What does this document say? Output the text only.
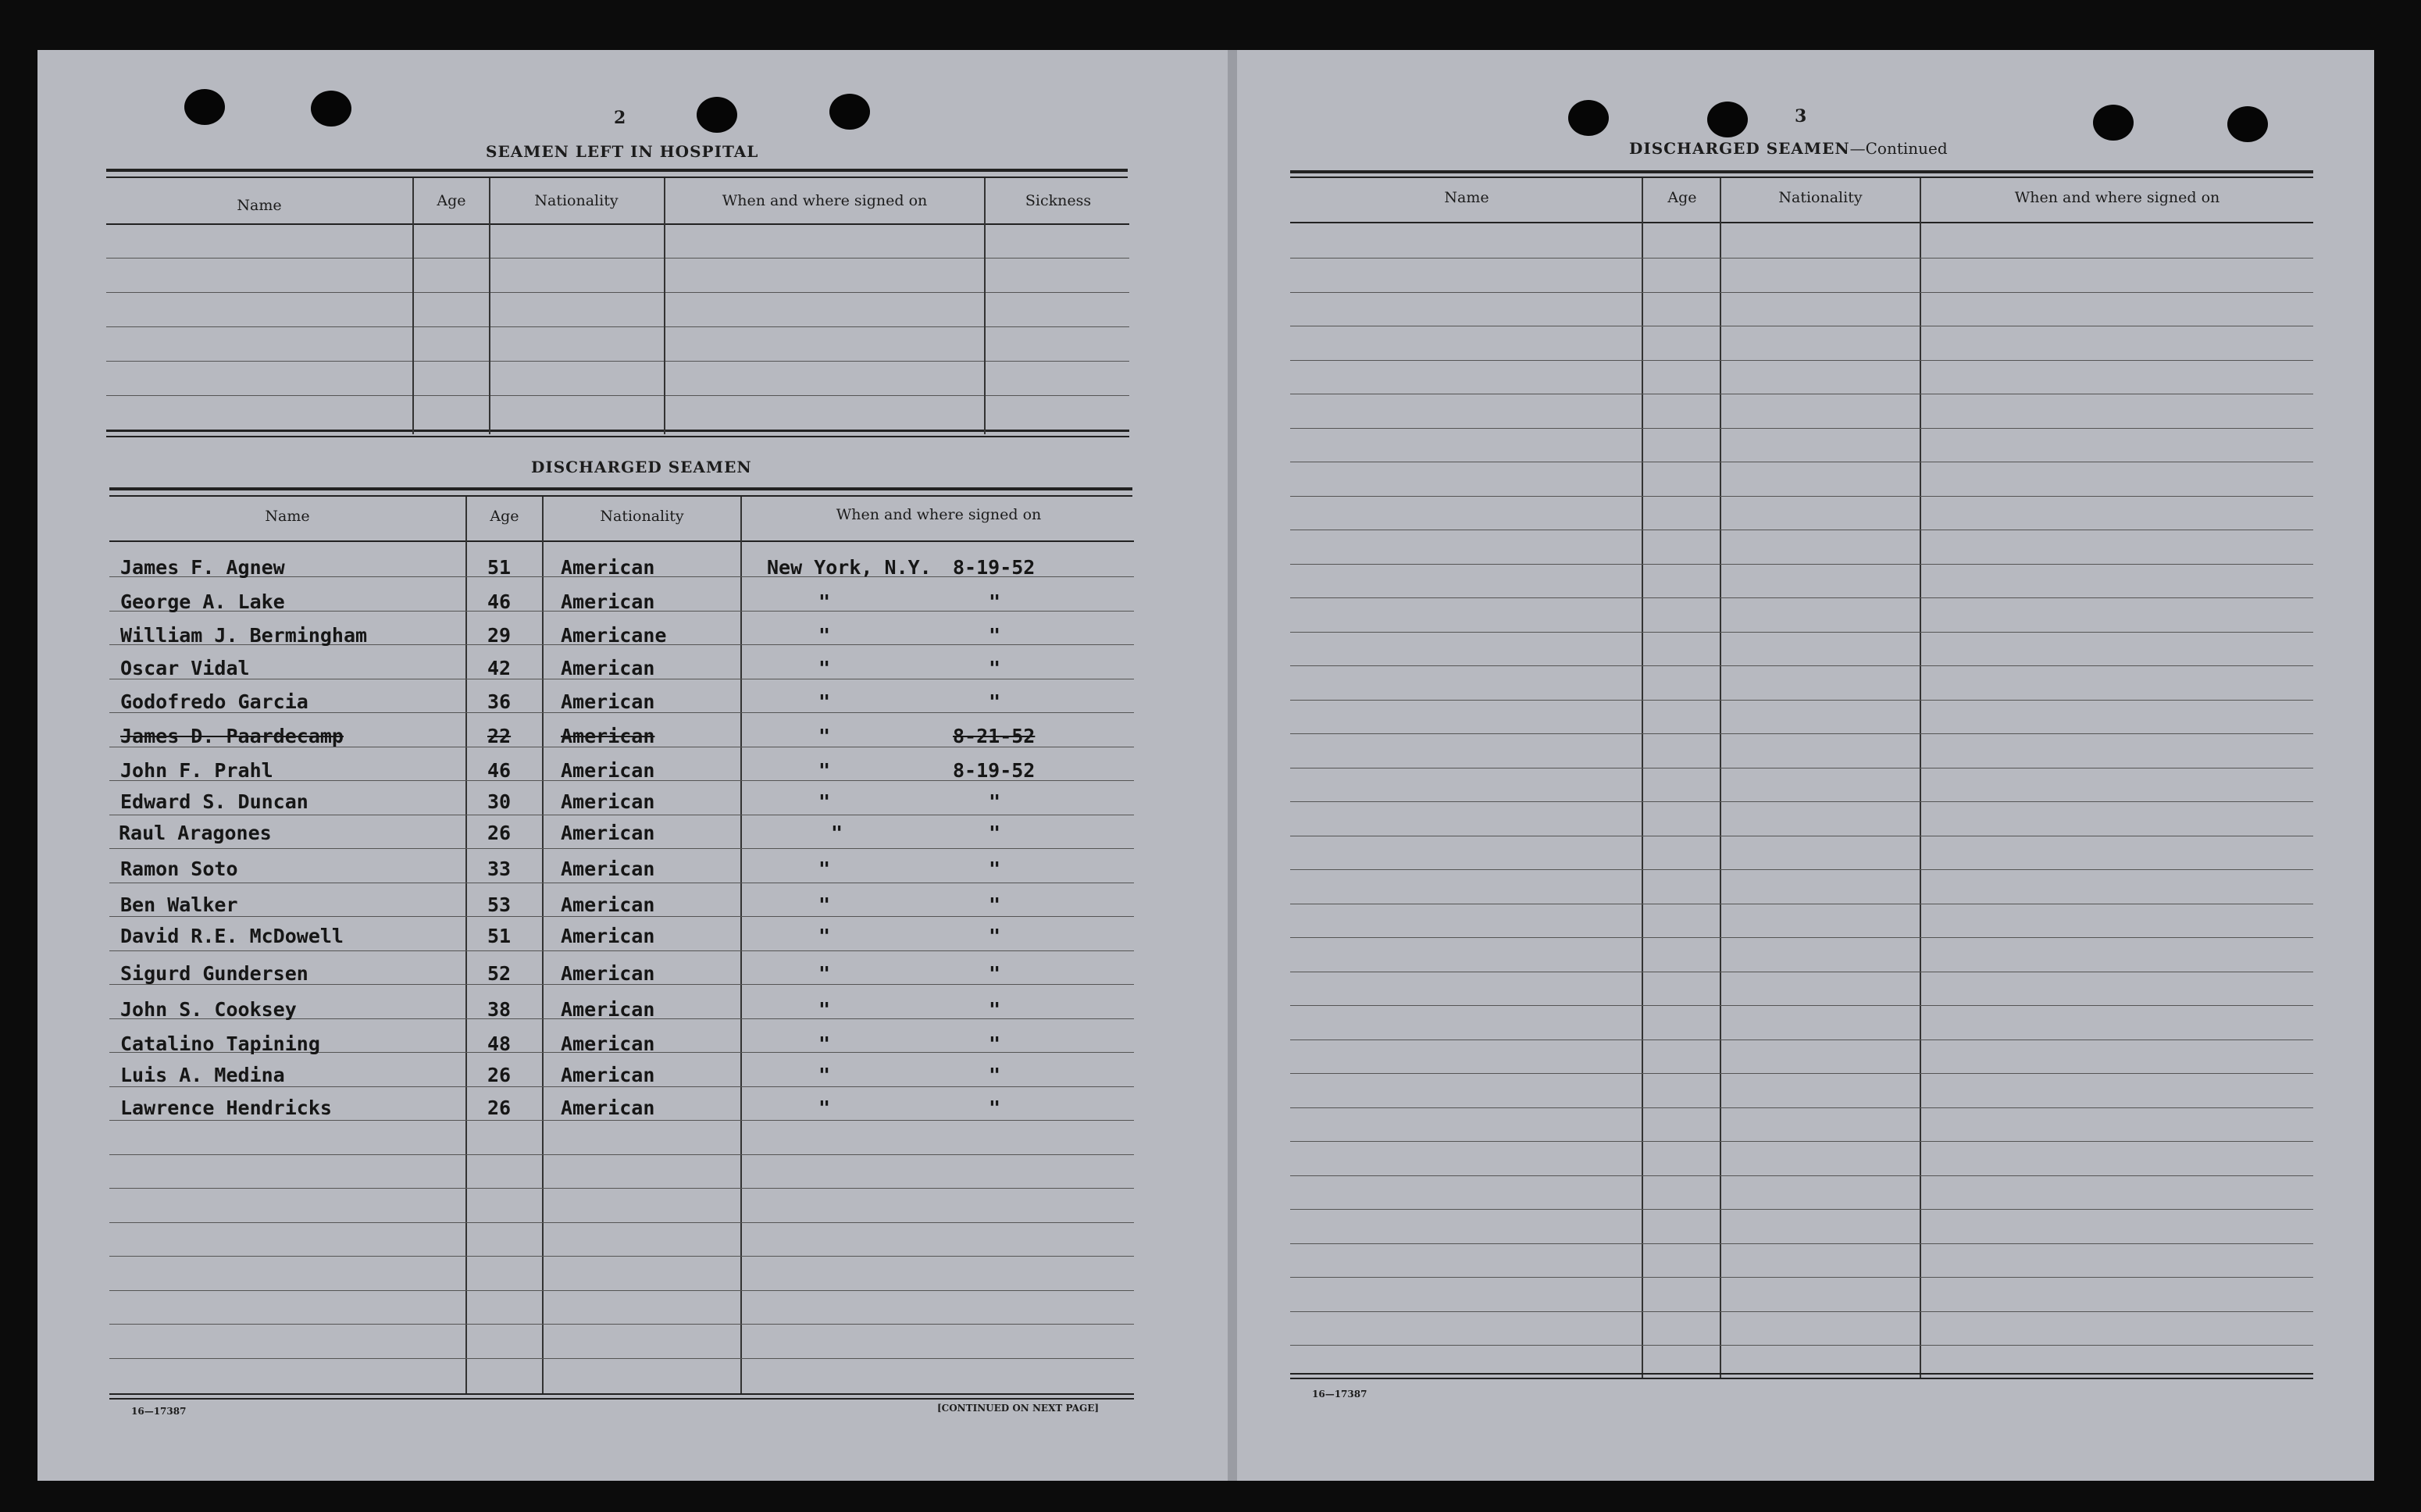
2
SEAMEN LEFT IN HOSPITAL
Name	Age	Nationality	When and where signed on	Sickness
DISCHARGED SEAMEN
Name	Age	Nationality	When and where signed on
James F. Agnew	51	American	New York, N.Y. 8-19-52
George A. Lake	46	American	"	"
William J. Bermingham	29	Americane	"	"
Oscar Vidal	42	American	"	"
Godofredo Garcia	36	American	"	"
James D. Paardecamp	22	American	"	8-21-52
John F. Prahl	46	American	"	8-19-52
Edward S. Duncan	30	American	"	"
Raul Aragones	26	American	"	"
Ramon Soto	33	American	"	"
Ben Walker	53	American	"	"
David R.E. McDowell	51	American	"	"
Sigurd Gundersen	52	American	"	"
John S. Cooksey	38	American	"	"
Catalino Tapining	48	American	"	"
Luis A. Medina	26	American	"	"
Lawrence Hendricks	26	American	"	"
16—17387	[CONTINUED ON NEXT PAGE]
3
DISCHARGED SEAMEN—Continued
Name	Age	Nationality	When and where signed on
16—17387
